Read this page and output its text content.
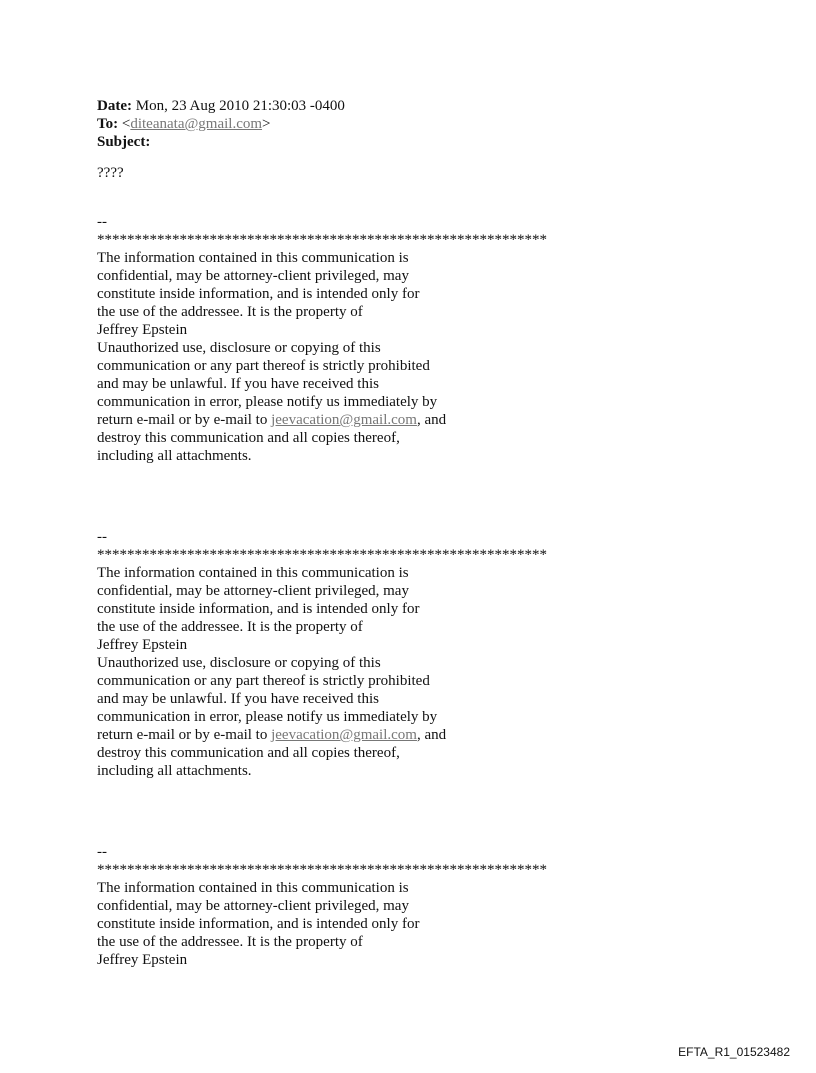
Date: Mon, 23 Aug 2010 21:30:03 -0400
To: <diteanata@gmail.com>
Subject:
????
--
************************************************************
The information contained in this communication is
confidential, may be attorney-client privileged, may
constitute inside information, and is intended only for
the use of the addressee. It is the property of
Jeffrey Epstein
Unauthorized use, disclosure or copying of this
communication or any part thereof is strictly prohibited
and may be unlawful. If you have received this
communication in error, please notify us immediately by
return e-mail or by e-mail to jeevacation@gmail.com, and
destroy this communication and all copies thereof,
including all attachments.
--
************************************************************
The information contained in this communication is
confidential, may be attorney-client privileged, may
constitute inside information, and is intended only for
the use of the addressee. It is the property of
Jeffrey Epstein
Unauthorized use, disclosure or copying of this
communication or any part thereof is strictly prohibited
and may be unlawful. If you have received this
communication in error, please notify us immediately by
return e-mail or by e-mail to jeevacation@gmail.com, and
destroy this communication and all copies thereof,
including all attachments.
--
************************************************************
The information contained in this communication is
confidential, may be attorney-client privileged, may
constitute inside information, and is intended only for
the use of the addressee. It is the property of
Jeffrey Epstein
EFTA_R1_01523482
